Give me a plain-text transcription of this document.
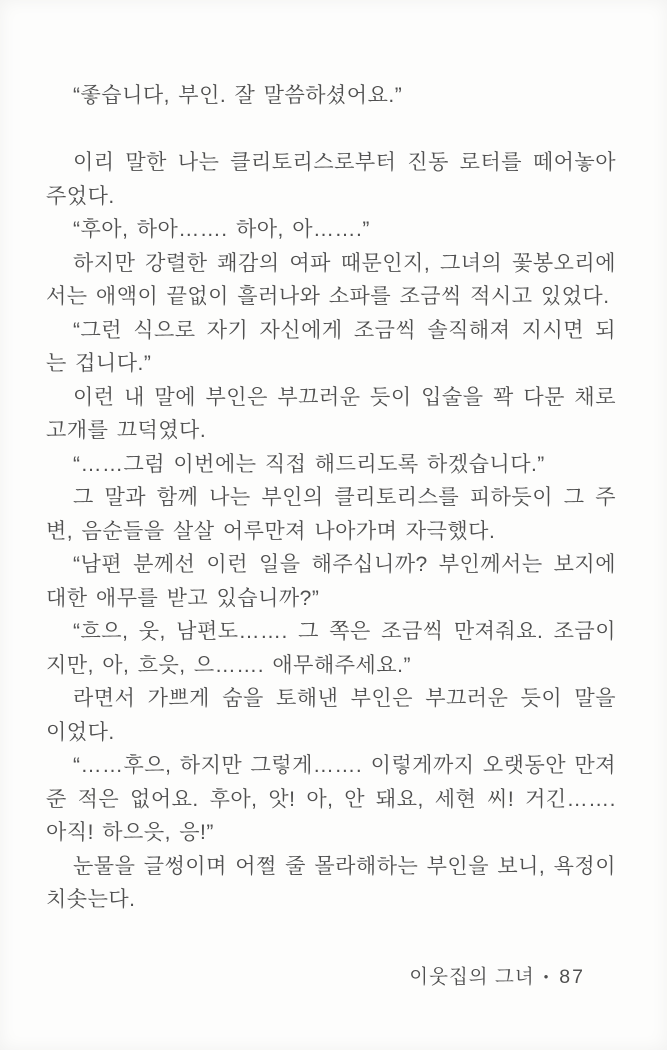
“좋습니다, 부인. 잘 말씀하셨어요.”

이리 말한 나는 클리토리스로부터 진동 로터를 떼어놓아 주었다.

“후아, 하아……. 하아, 아…….”

하지만 강렬한 쾌감의 여파 때문인지, 그녀의 꽃봉오리에서는 애액이 끝없이 흘러나와 소파를 조금씩 적시고 있었다.

“그런 식으로 자기 자신에게 조금씩 솔직해져 지시면 되는 겁니다.”

이런 내 말에 부인은 부끄러운 듯이 입술을 꽉 다문 채로 고개를 끄덕였다.

“……그럼 이번에는 직접 해드리도록 하겠습니다.”

그 말과 함께 나는 부인의 클리토리스를 피하듯이 그 주변, 음순들을 살살 어루만져 나아가며 자극했다.

“남편 분께선 이런 일을 해주십니까? 부인께서는 보지에 대한 애무를 받고 있습니까?”

“흐으, 웃, 남편도……. 그 쪽은 조금씩 만져줘요. 조금이지만, 아, 흐읏, 으……. 애무해주세요.”

라면서 가쁘게 숨을 토해낸 부인은 부끄러운 듯이 말을 이었다.

“……후으, 하지만 그렇게……. 이렇게까지 오랫동안 만져준 적은 없어요. 후아, 앗! 아, 안 돼요, 세현 씨! 거긴……. 아직! 하으읏, 응!”

눈물을 글썽이며 어쩔 줄 몰라해하는 부인을 보니, 욕정이 치솟는다.

이웃집의 그녀 • 87
